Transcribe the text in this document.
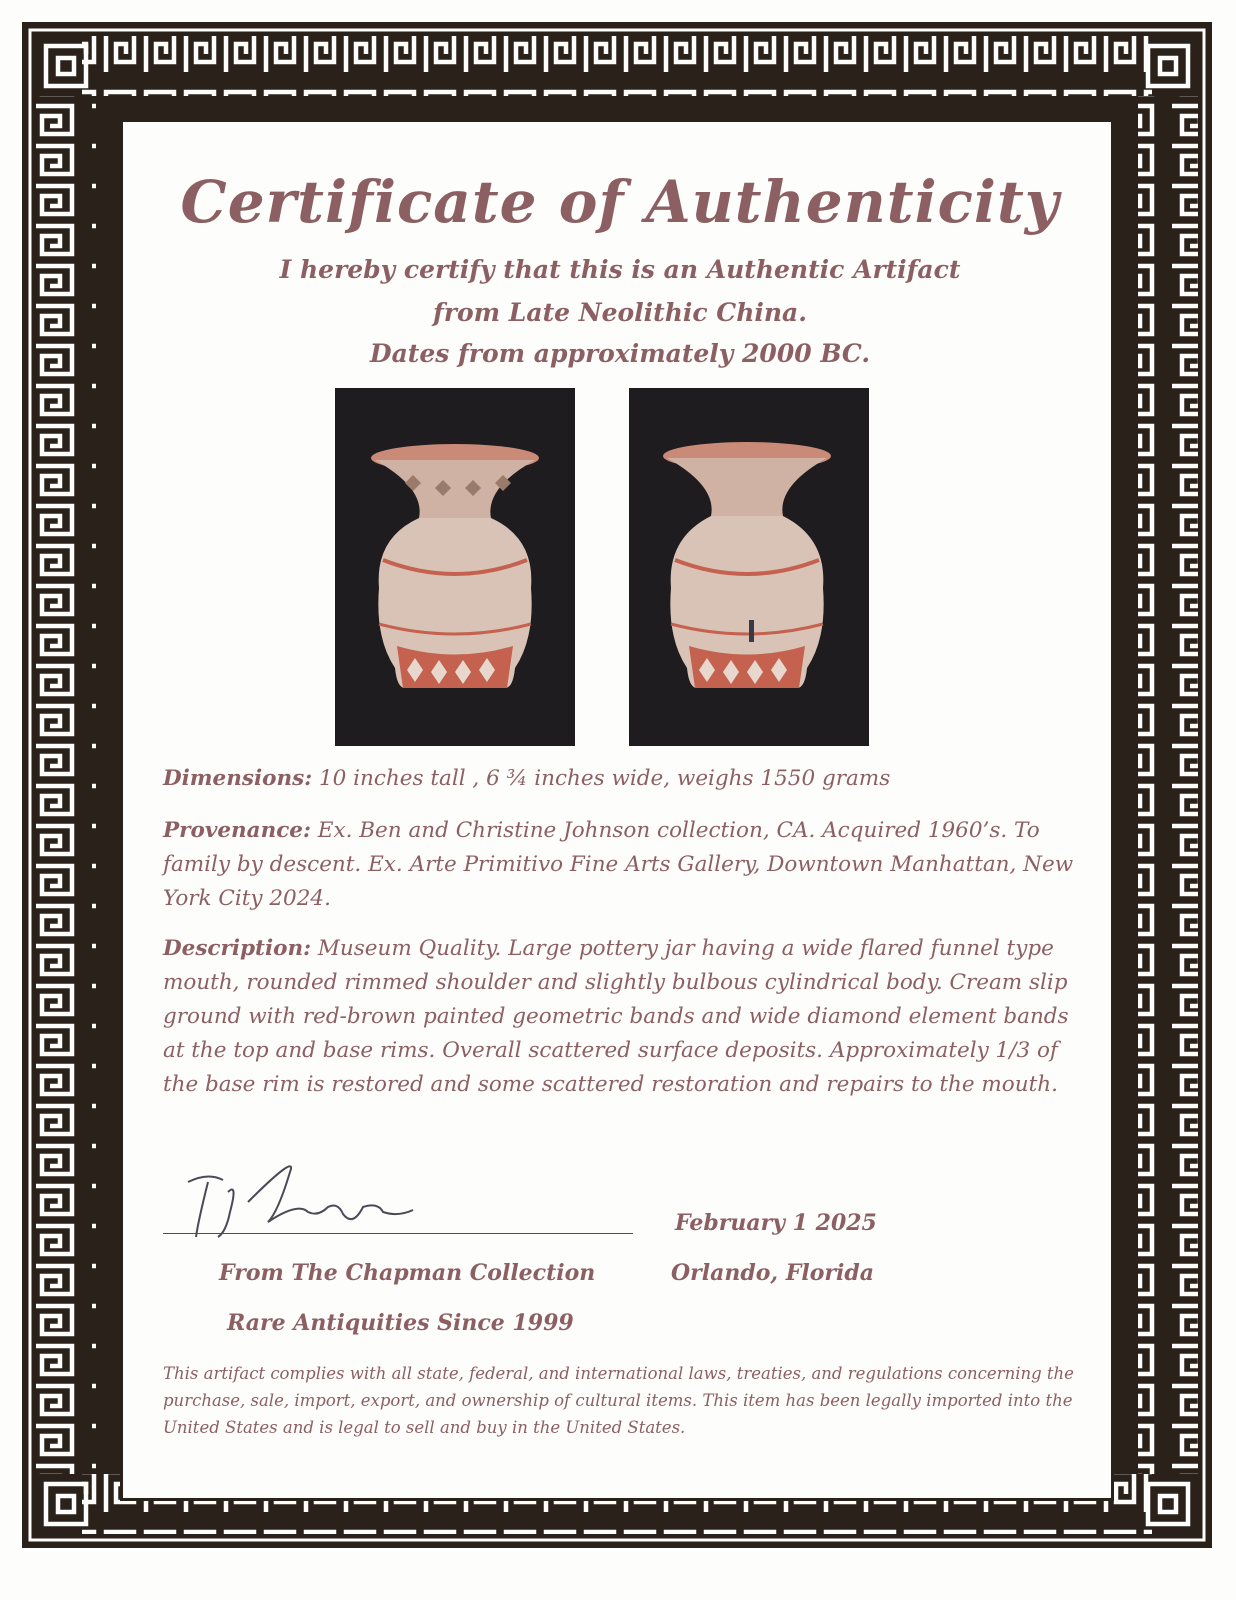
Certificate of Authenticity
I hereby certify that this is an Authentic Artifact
from Late Neolithic China.
Dates from approximately 2000 BC.
Dimensions: 10 inches tall , 6 ¾ inches wide, weighs 1550 grams
Provenance: Ex. Ben and Christine Johnson collection, CA. Acquired 1960’s. To family by descent. Ex. Arte Primitivo Fine Arts Gallery, Downtown Manhattan, New York City 2024.
Description: Museum Quality. Large pottery jar having a wide flared funnel type mouth, rounded rimmed shoulder and slightly bulbous cylindrical body. Cream slip ground with red-brown painted geometric bands and wide diamond element bands at the top and base rims. Overall scattered surface deposits. Approximately 1/3 of the base rim is restored and some scattered restoration and repairs to the mouth.
February 1 2025
From The Chapman Collection	Orlando, Florida
Rare Antiquities Since 1999
This artifact complies with all state, federal, and international laws, treaties, and regulations concerning the purchase, sale, import, export, and ownership of cultural items. This item has been legally imported into the United States and is legal to sell and buy in the United States.
